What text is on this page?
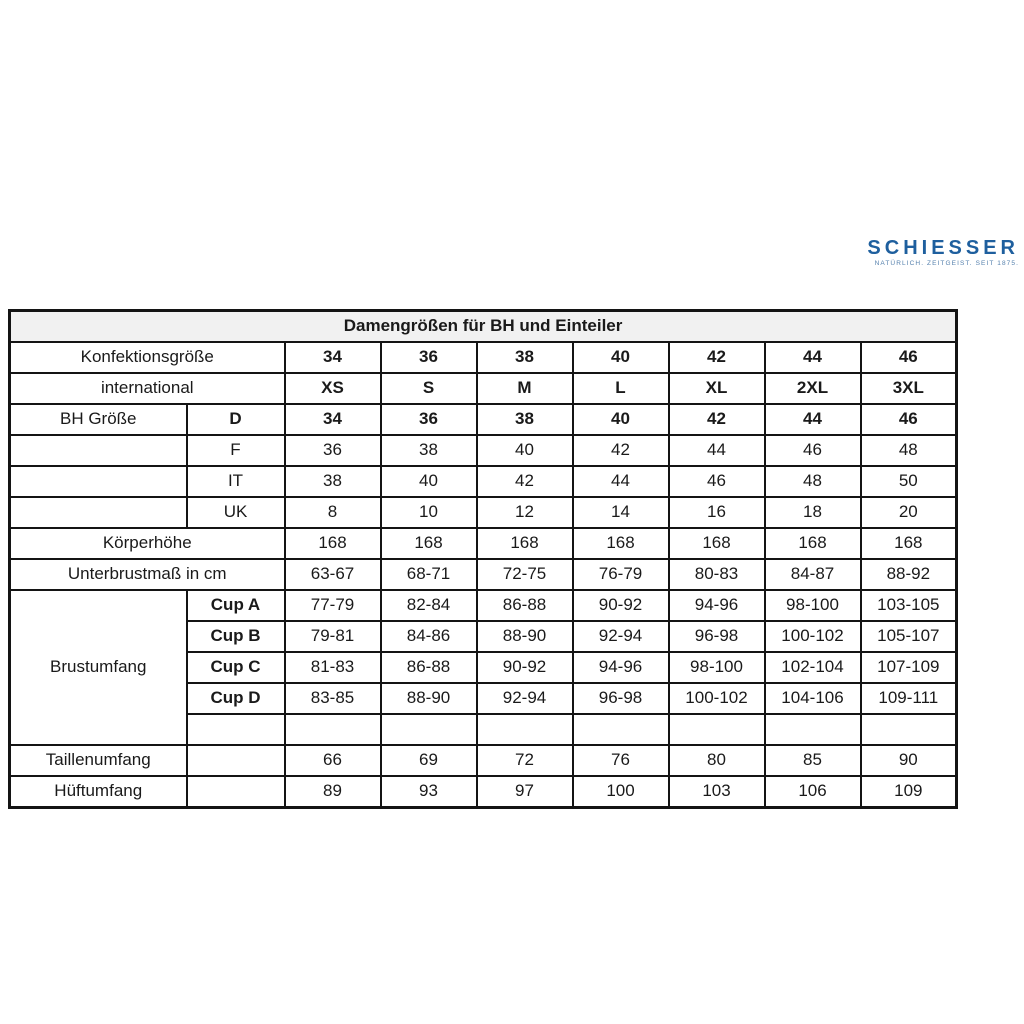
SCHIESSER
NATÜRLICH. ZEITGEIST. SEIT 1875.
Damengrößen für BH und Einteiler								
Konfektionsgröße		34	36	38	40	42	44	46
international		XS	S	M	L	XL	2XL	3XL
BH Größe	D	34	36	38	40	42	44	46
	F	36	38	40	42	44	46	48
	IT	38	40	42	44	46	48	50
	UK	8	10	12	14	16	18	20
Körperhöhe		168	168	168	168	168	168	168
Unterbrustmaß in cm		63-67	68-71	72-75	76-79	80-83	84-87	88-92
Brustumfang	Cup A	77-79	82-84	86-88	90-92	94-96	98-100	103-105
	Cup B	79-81	84-86	88-90	92-94	96-98	100-102	105-107
	Cup C	81-83	86-88	90-92	94-96	98-100	102-104	107-109
	Cup D	83-85	88-90	92-94	96-98	100-102	104-106	109-111

Taillenumfang		66	69	72	76	80	85	90
Hüftumfang		89	93	97	100	103	106	109
